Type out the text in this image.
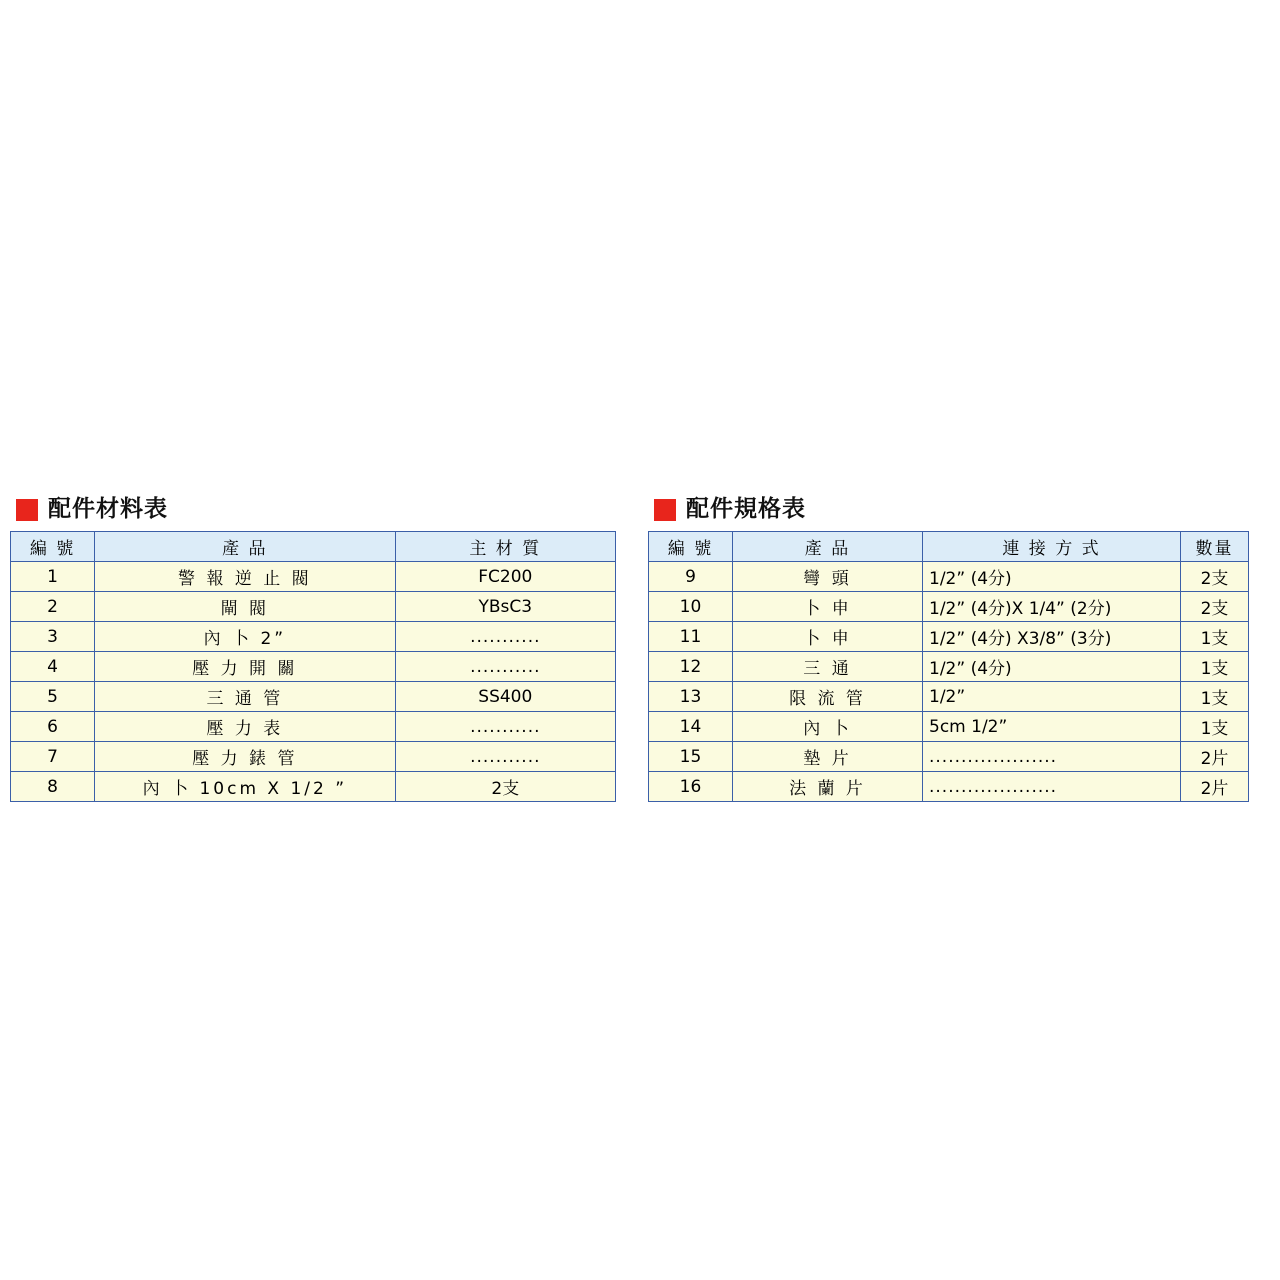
配件材料表
編 號	產 品	主 材 質
1	警 報 逆 止 閥	FC200
2	閘 閥	YBsC3
3	內 卜 2”	...........
4	壓 力 開 關	...........
5	三 通 管	SS400
6	壓 力 表	...........
7	壓 力 錶 管	...........
8	內 卜 10cm X 1/2 ”	2支
配件規格表
編 號	產 品	連 接 方 式	數量
9	彎 頭	1/2” (4分)	2支
10	卜 申	1/2” (4分)X 1/4” (2分)	2支
11	卜 申	1/2” (4分) X3/8” (3分)	1支
12	三 通	1/2” (4分)	1支
13	限 流 管	1/2”	1支
14	內 卜	5cm 1/2”	1支
15	墊 片	....................	2片
16	法 蘭 片	....................	2片
